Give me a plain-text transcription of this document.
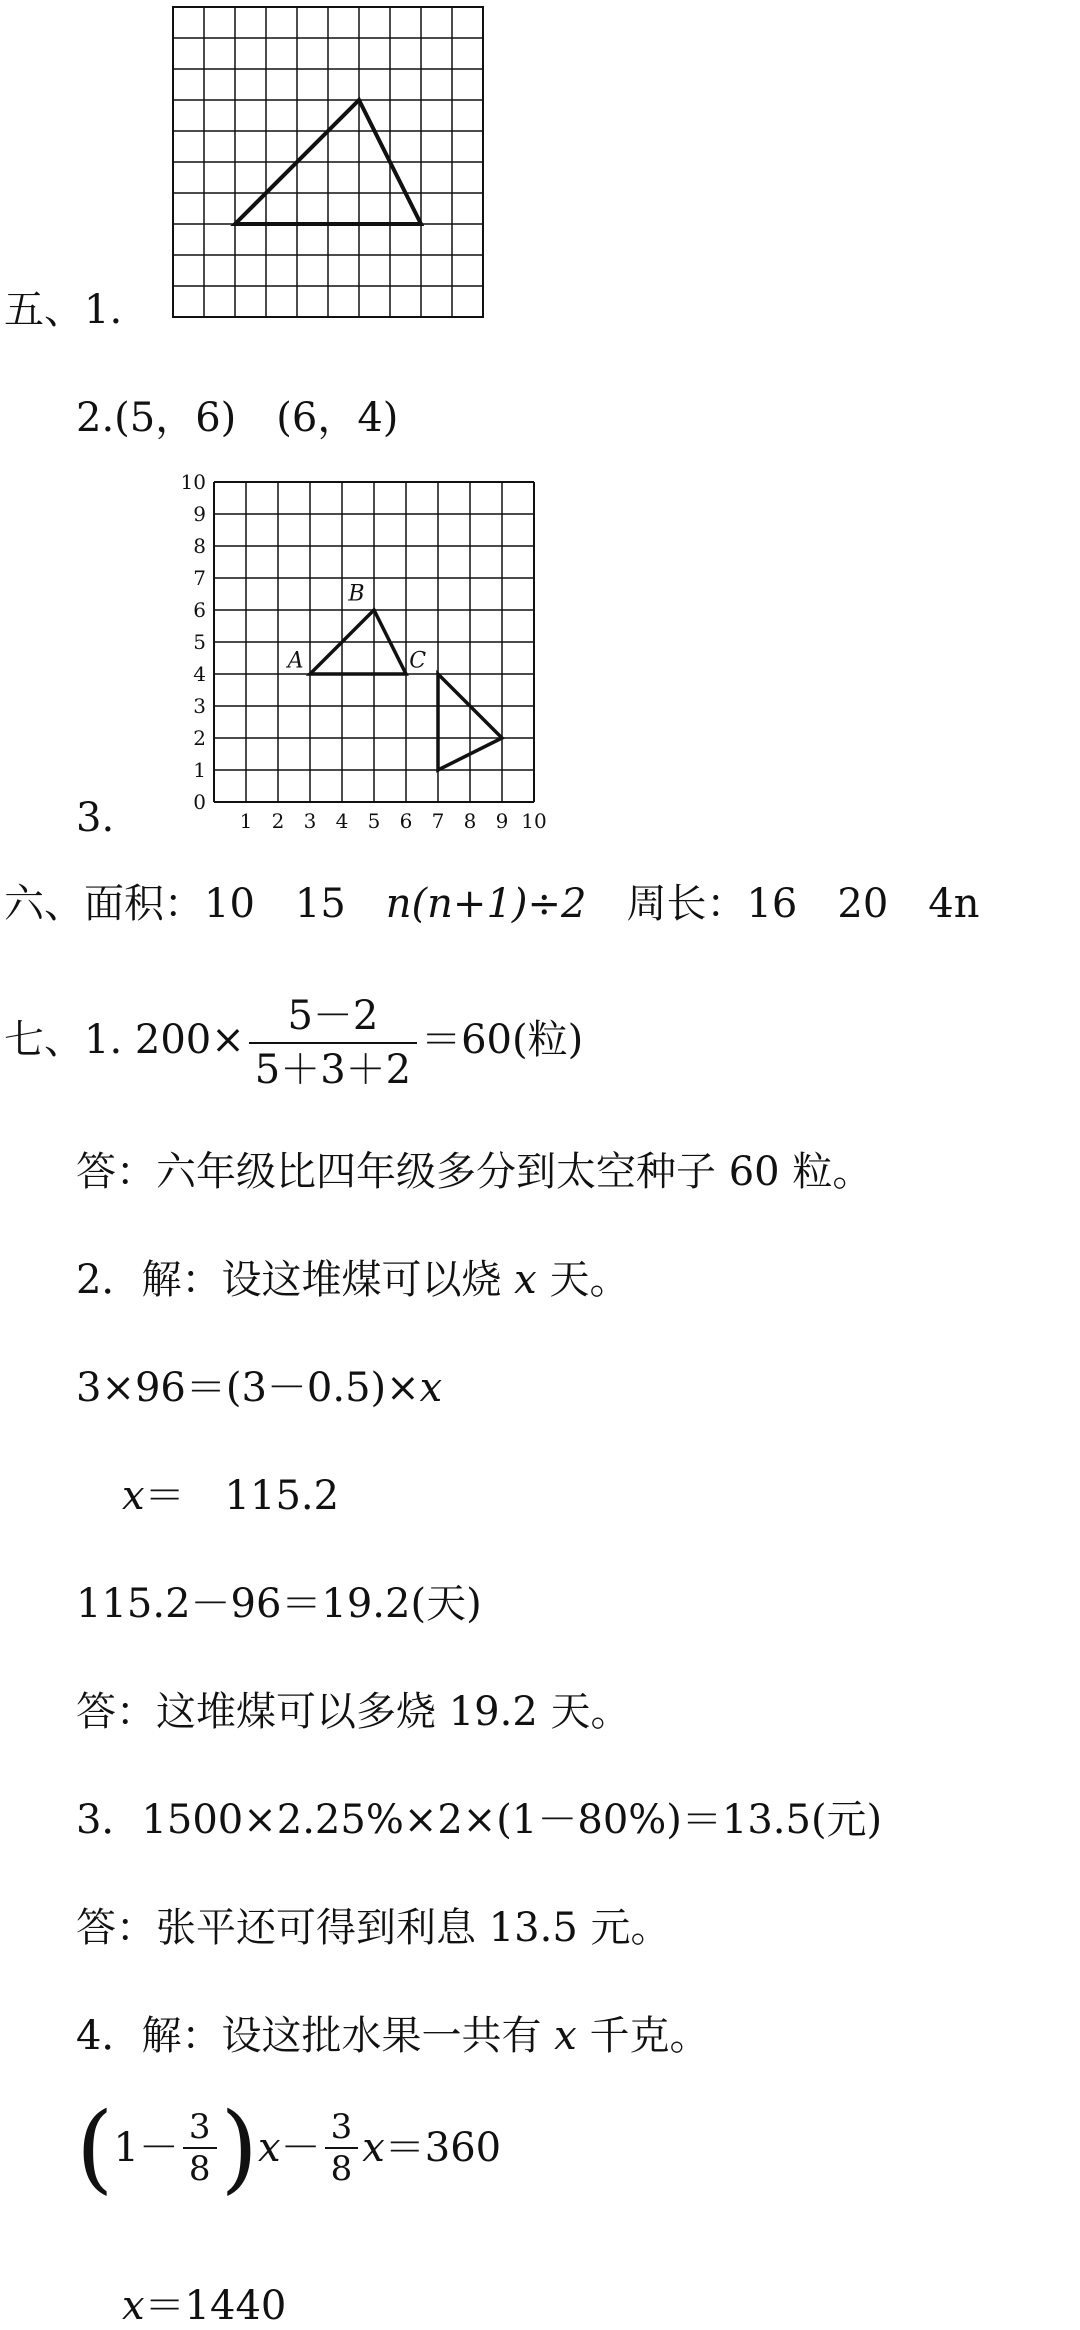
五、1.
2.(5，6)　(6，4)
3.
10
9
8
7
6
5
4
3
2
1
0
1 2 3 4 5 6 7 8 9 10
A
B
C
六、面积：10　15　n(n+1)÷2　周长：16　20　4n
七、1. $200\times \frac{5-2}{5+3+2} =60$(粒)
答：六年级比四年级多分到太空种子 60 粒。
2．解：设这堆煤可以烧 x 天。
3×96＝(3－0.5)×x
x＝　115.2
115.2－96＝19.2(天)
答：这堆煤可以多烧 19.2 天。
3．1500×2.25%×2×(1－80%)＝13.5(元)
答：张平还可得到利息 13.5 元。
4．解：设这批水果一共有 x 千克。
$(1- \frac{3}{8} )x- \frac{3}{8} x=360$
x＝1440
